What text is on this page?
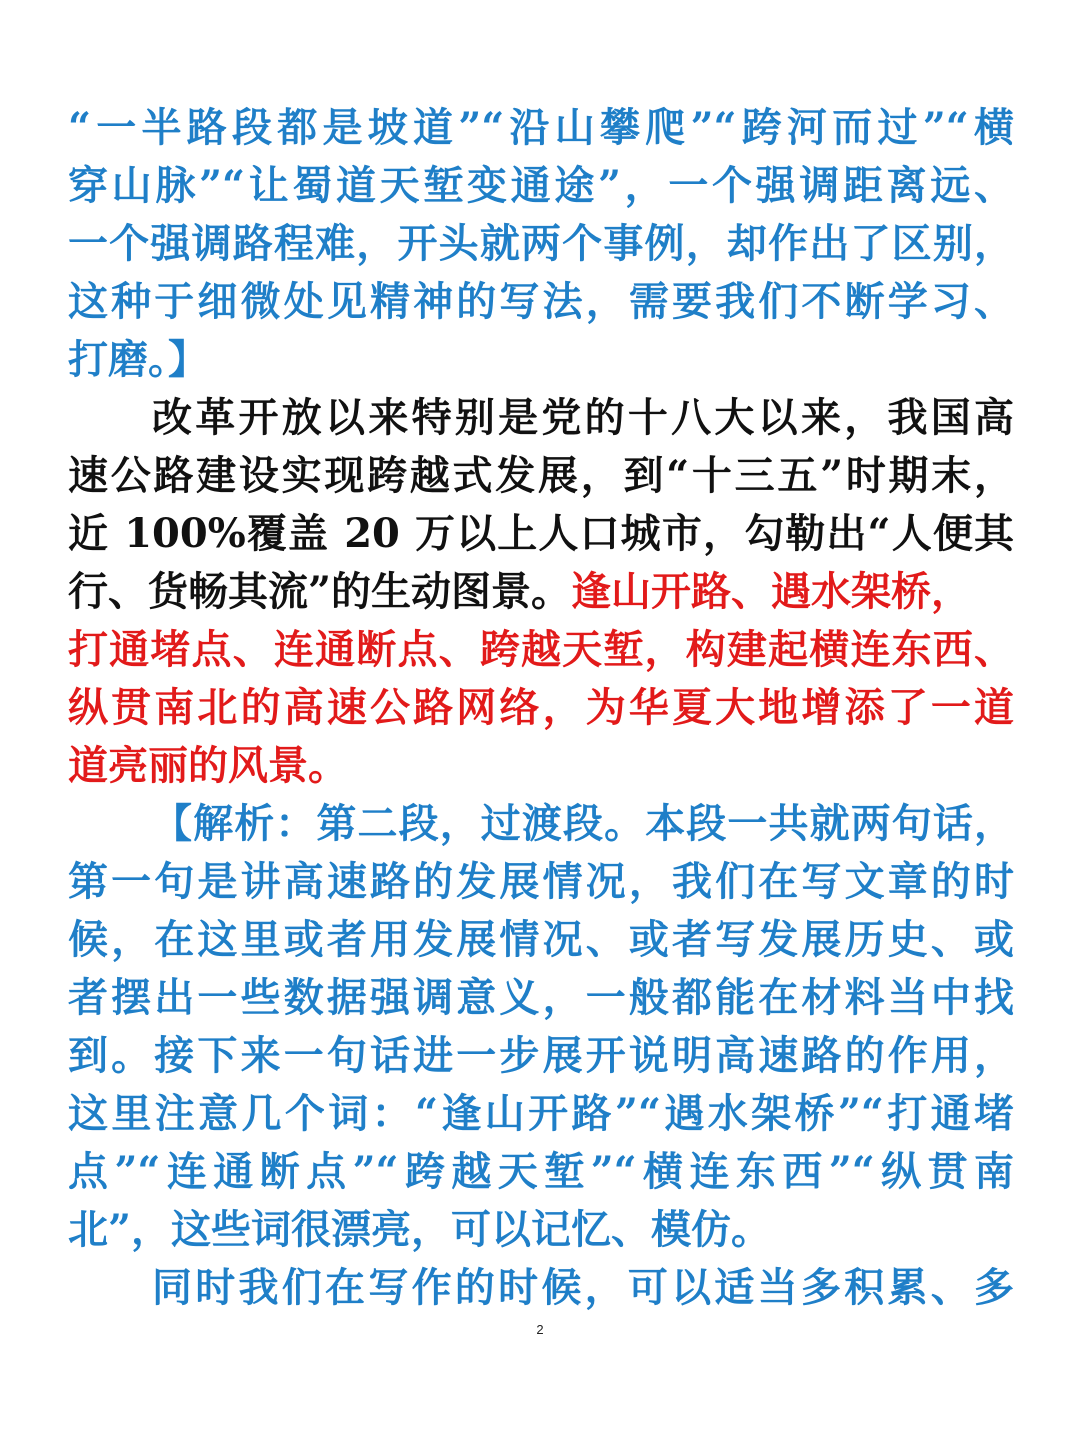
“一半路段都是坡道”“沿山攀爬”“跨河而过”“横
穿山脉”“让蜀道天堑变通途”，一个强调距离远、
一个强调路程难，开头就两个事例，却作出了区别，
这种于细微处见精神的写法，需要我们不断学习、
打磨。】
改革开放以来特别是党的十八大以来，我国高
速公路建设实现跨越式发展，到“十三五”时期末，
近 100%覆盖 20 万以上人口城市，勾勒出“人便其
行、货畅其流”的生动图景。逢山开路、遇水架桥，
打通堵点、连通断点、跨越天堑，构建起横连东西、
纵贯南北的高速公路网络，为华夏大地增添了一道
道亮丽的风景。
【解析：第二段，过渡段。本段一共就两句话，
第一句是讲高速路的发展情况，我们在写文章的时
候，在这里或者用发展情况、或者写发展历史、或
者摆出一些数据强调意义，一般都能在材料当中找
到。接下来一句话进一步展开说明高速路的作用，
这里注意几个词：“逢山开路”“遇水架桥”“打通堵
点”“连通断点”“跨越天堑”“横连东西”“纵贯南
北”，这些词很漂亮，可以记忆、模仿。
同时我们在写作的时候，可以适当多积累、多
2
